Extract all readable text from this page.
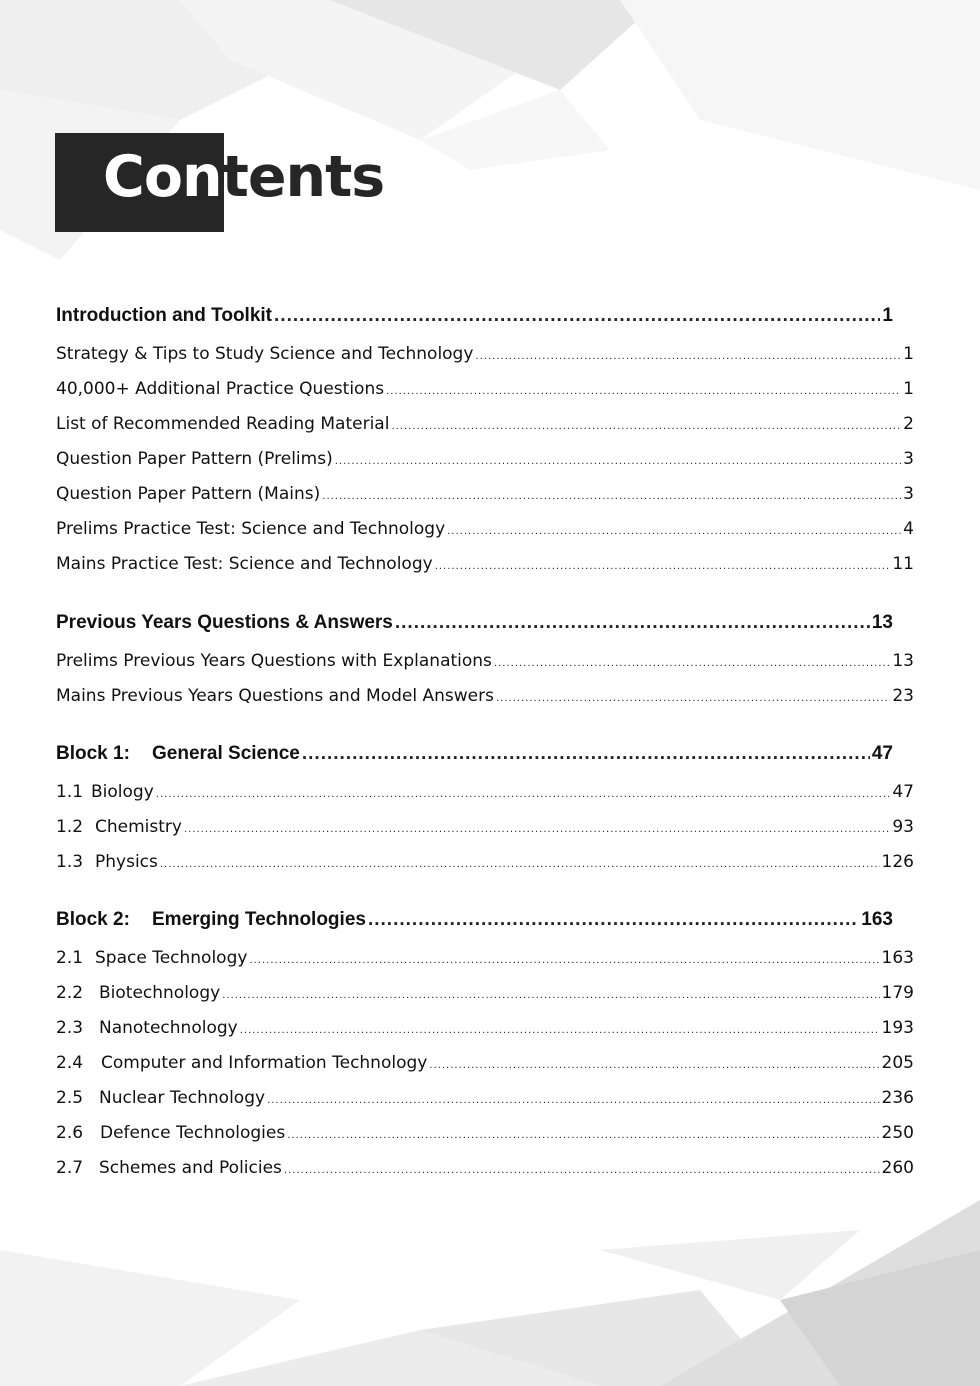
Contents
Introduction and Toolkit .....	1
Strategy & Tips to Study Science and Technology .....	1
40,000+ Additional Practice Questions .....	1
List of Recommended Reading Material .....	2
Question Paper Pattern (Prelims) .....	3
Question Paper Pattern (Mains) .....	3
Prelims Practice Test: Science and Technology .....	4
Mains Practice Test: Science and Technology .....	11
Previous Years Questions & Answers .....	13
Prelims Previous Years Questions with Explanations .....	13
Mains Previous Years Questions and Model Answers .....	23
Block 1:	General Science .....	47
1.1 Biology .....	47
1.2 Chemistry .....	93
1.3 Physics .....	126
Block 2:	Emerging Technologies .....	163
2.1 Space Technology .....	163
2.2 Biotechnology .....	179
2.3 Nanotechnology .....	193
2.4	Computer and Information Technology .....	205
2.5 Nuclear Technology .....	236
2.6 Defence Technologies .....	250
2.7 Schemes and Policies .....	260
